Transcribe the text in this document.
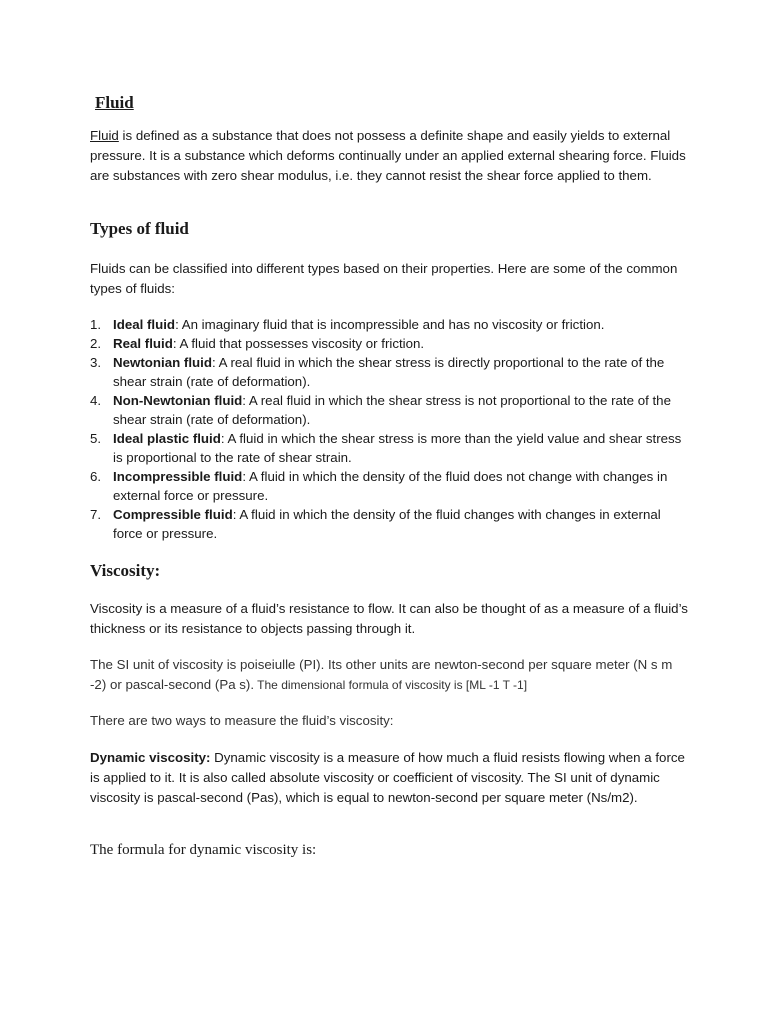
Fluid

Fluid is defined as a substance that does not possess a definite shape and easily yields to external pressure. It is a substance which deforms continually under an applied external shearing force. Fluids are substances with zero shear modulus, i.e. they cannot resist the shear force applied to them.

Types of fluid

Fluids can be classified into different types based on their properties. Here are some of the common types of fluids:

1. Ideal fluid: An imaginary fluid that is incompressible and has no viscosity or friction.
2. Real fluid: A fluid that possesses viscosity or friction.
3. Newtonian fluid: A real fluid in which the shear stress is directly proportional to the rate of the shear strain (rate of deformation).
4. Non-Newtonian fluid: A real fluid in which the shear stress is not proportional to the rate of the shear strain (rate of deformation).
5. Ideal plastic fluid: A fluid in which the shear stress is more than the yield value and shear stress is proportional to the rate of shear strain.
6. Incompressible fluid: A fluid in which the density of the fluid does not change with changes in external force or pressure.
7. Compressible fluid: A fluid in which the density of the fluid changes with changes in external force or pressure.
Viscosity:

Viscosity is a measure of a fluid’s resistance to flow. It can also be thought of as a measure of a fluid’s thickness or its resistance to objects passing through it.

The SI unit of viscosity is poiseiulle (PI). Its other units are newton-second per square meter (N s m -2) or pascal-second (Pa s). The dimensional formula of viscosity is [ML -1 T -1]

There are two ways to measure the fluid’s viscosity:

Dynamic viscosity: Dynamic viscosity is a measure of how much a fluid resists flowing when a force is applied to it. It is also called absolute viscosity or coefficient of viscosity. The SI unit of dynamic viscosity is pascal-second (Pas), which is equal to newton-second per square meter (Ns/m2).

The formula for dynamic viscosity is:
